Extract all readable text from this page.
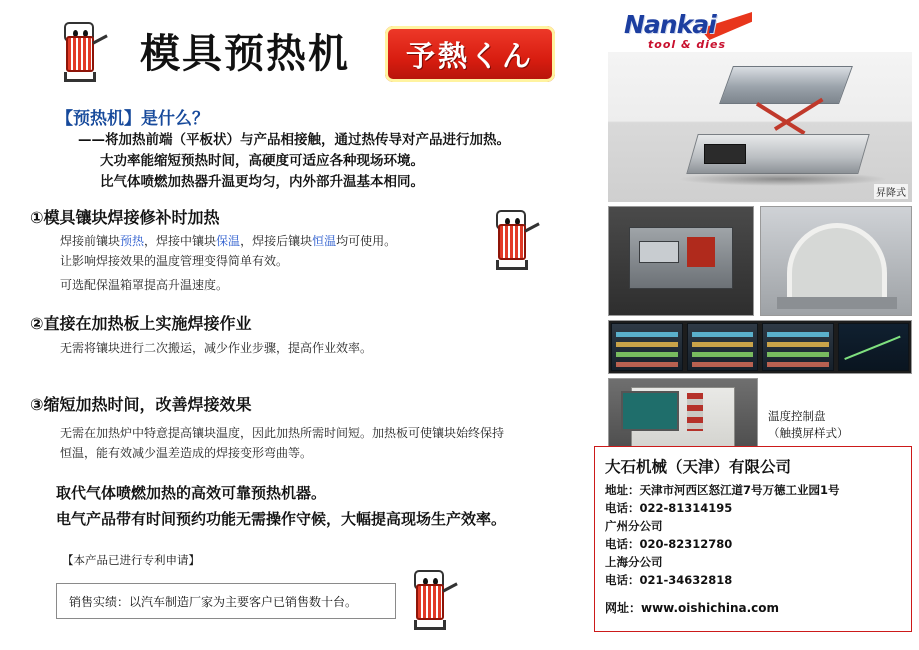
模具预热机	予熱くん
Nankai
tool & dies
【预热机】是什么？
——将加热前端（平板状）与产品相接触，通过热传导对产品进行加热。
大功率能缩短预热时间，高硬度可适应各种现场环境。
比气体喷燃加热器升温更均匀，内外部升温基本相同。
①模具镶块焊接修补时加热
焊接前镶块预热，焊接中镶块保温，焊接后镶块恒温均可使用。
让影响焊接效果的温度管理变得简单有效。
可选配保温箱罩提高升温速度。
②直接在加热板上实施焊接作业
无需将镶块进行二次搬运，减少作业步骤，提高作业效率。
③缩短加热时间，改善焊接效果
无需在加热炉中特意提高镶块温度，因此加热所需时间短。加热板可使镶块始终保持
恒温，能有效减少温差造成的焊接变形弯曲等。
取代气体喷燃加热的高效可靠预热机器。
电气产品带有时间预约功能无需操作守候，大幅提高现场生产效率。
【本产品已进行专利申请】
销售实绩：以汽车制造厂家为主要客户已销售数十台。
昇降式
温度控制盘
（触摸屏样式）
大石机械（天津）有限公司
地址：天津市河西区怒江道7号万德工业园1号
电话：022-81314195
广州分公司
电话：020-82312780
上海分公司
电话：021-34632818
网址：www.oishichina.com
